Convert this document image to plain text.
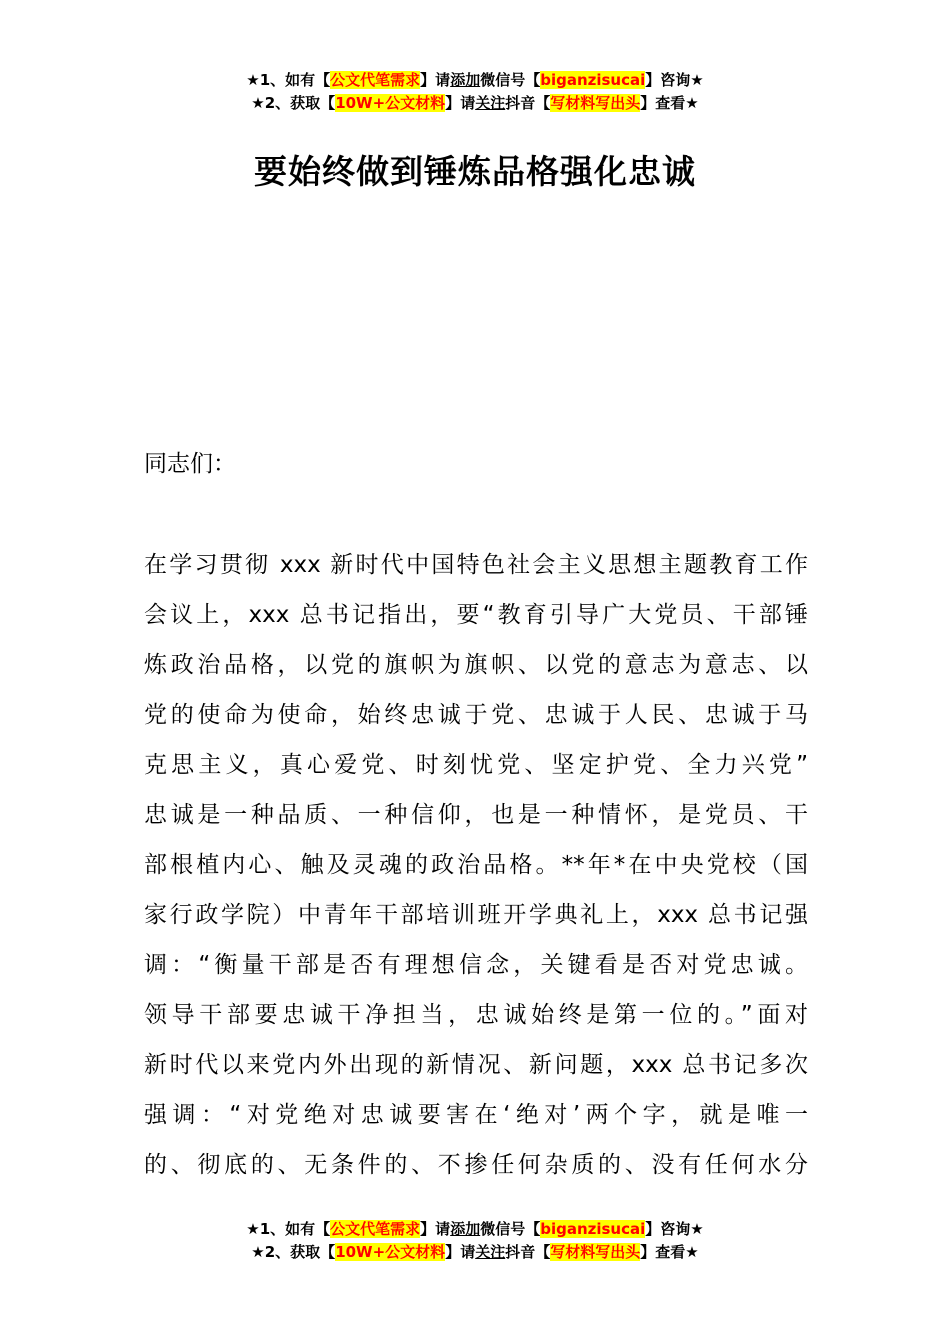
★1、如有【公文代笔需求】请添加微信号【biganzisucai】咨询★
★2、获取【10W+公文材料】请关注抖音【写材料写出头】查看★
要始终做到锤炼品格强化忠诚
同志们：
在学习贯彻 xxx 新时代中国特色社会主义思想主题教育工作
会议上，xxx 总书记指出，要“教育引导广大党员、干部锤
炼政治品格，以党的旗帜为旗帜、以党的意志为意志、以
党的使命为使命，始终忠诚于党、忠诚于人民、忠诚于马
克思主义，真心爱党、时刻忧党、坚定护党、全力兴党”
忠诚是一种品质、一种信仰，也是一种情怀，是党员、干
部根植内心、触及灵魂的政治品格。**年*在中央党校（国
家行政学院）中青年干部培训班开学典礼上，xxx 总书记强
调：“衡量干部是否有理想信念，关键看是否对党忠诚。
领导干部要忠诚干净担当，忠诚始终是第一位的。”面对
新时代以来党内外出现的新情况、新问题，xxx 总书记多次
强调：“对党绝对忠诚要害在‘绝对’两个字，就是唯一
的、彻底的、无条件的、不掺任何杂质的、没有任何水分
★1、如有【公文代笔需求】请添加微信号【biganzisucai】咨询★
★2、获取【10W+公文材料】请关注抖音【写材料写出头】查看★
